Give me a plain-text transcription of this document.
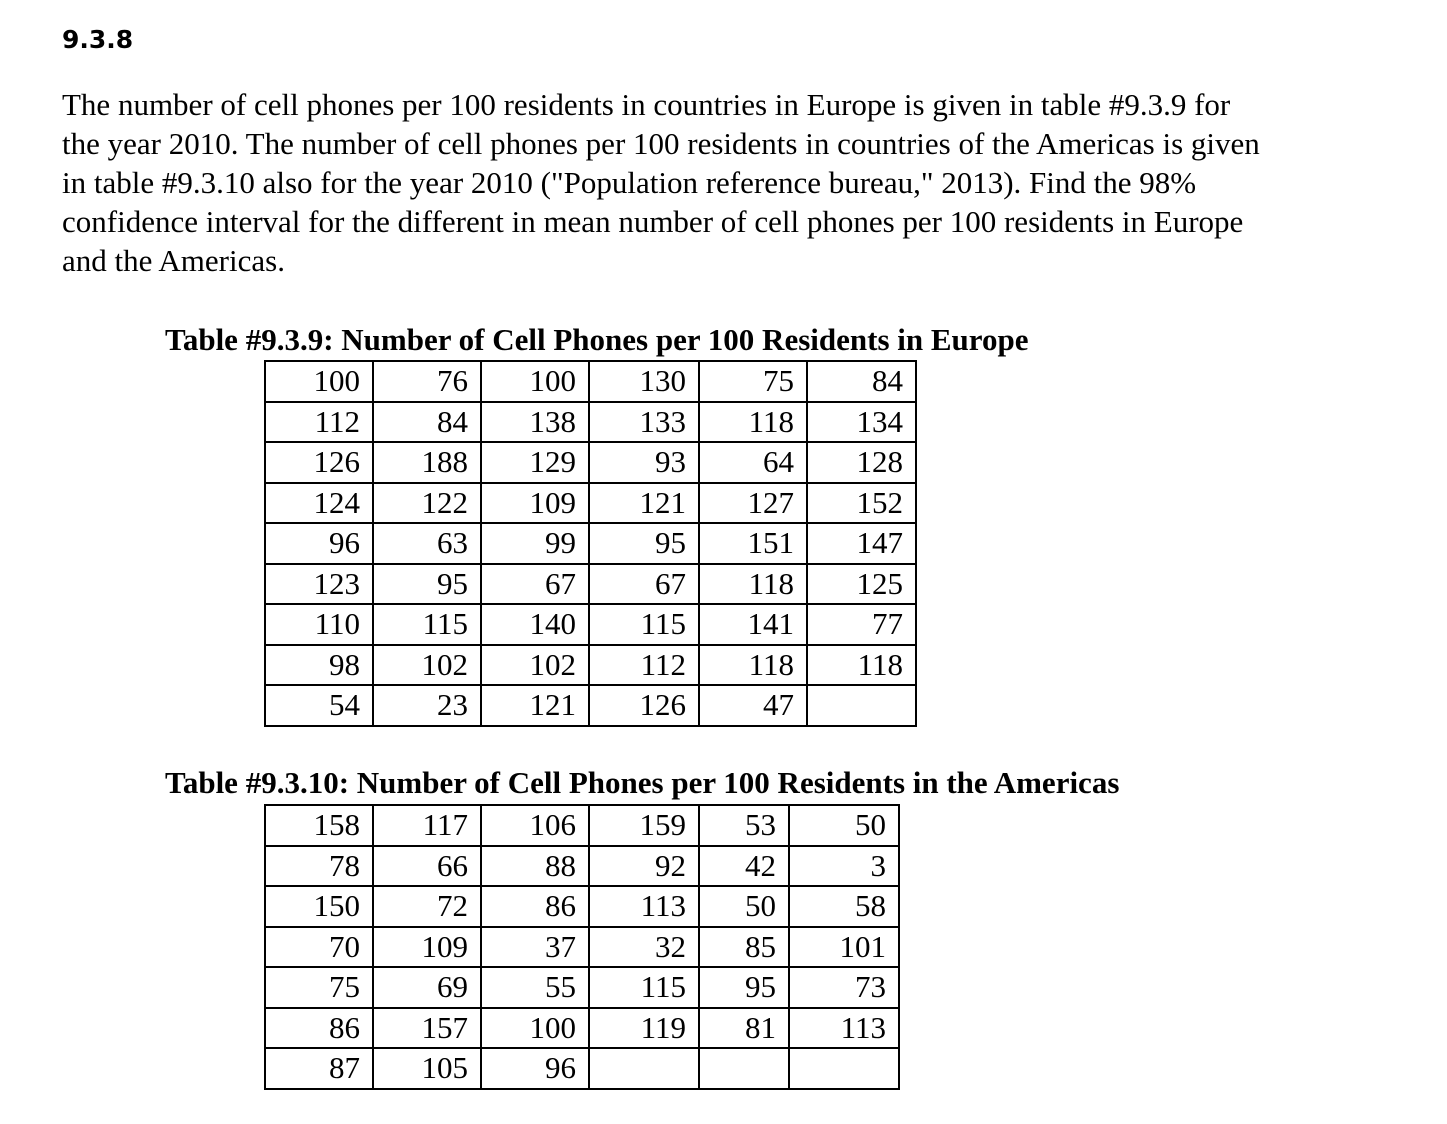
9.3.8

The number of cell phones per 100 residents in countries in Europe is given in table #9.3.9 for
the year 2010. The number of cell phones per 100 residents in countries of the Americas is given
in table #9.3.10 also for the year 2010 ("Population reference bureau," 2013). Find the 98%
confidence interval for the different in mean number of cell phones per 100 residents in Europe
and the Americas.

Table #9.3.9: Number of Cell Phones per 100 Residents in Europe
100	76	100	130	75	84
112	84	138	133	118	134
126	188	129	93	64	128
124	122	109	121	127	152
96	63	99	95	151	147
123	95	67	67	118	125
110	115	140	115	141	77
98	102	102	112	118	118
54	23	121	126	47	
Table #9.3.10: Number of Cell Phones per 100 Residents in the Americas
158	117	106	159	53	50
78	66	88	92	42	3
150	72	86	113	50	58
70	109	37	32	85	101
75	69	55	115	95	73
86	157	100	119	81	113
87	105	96			
